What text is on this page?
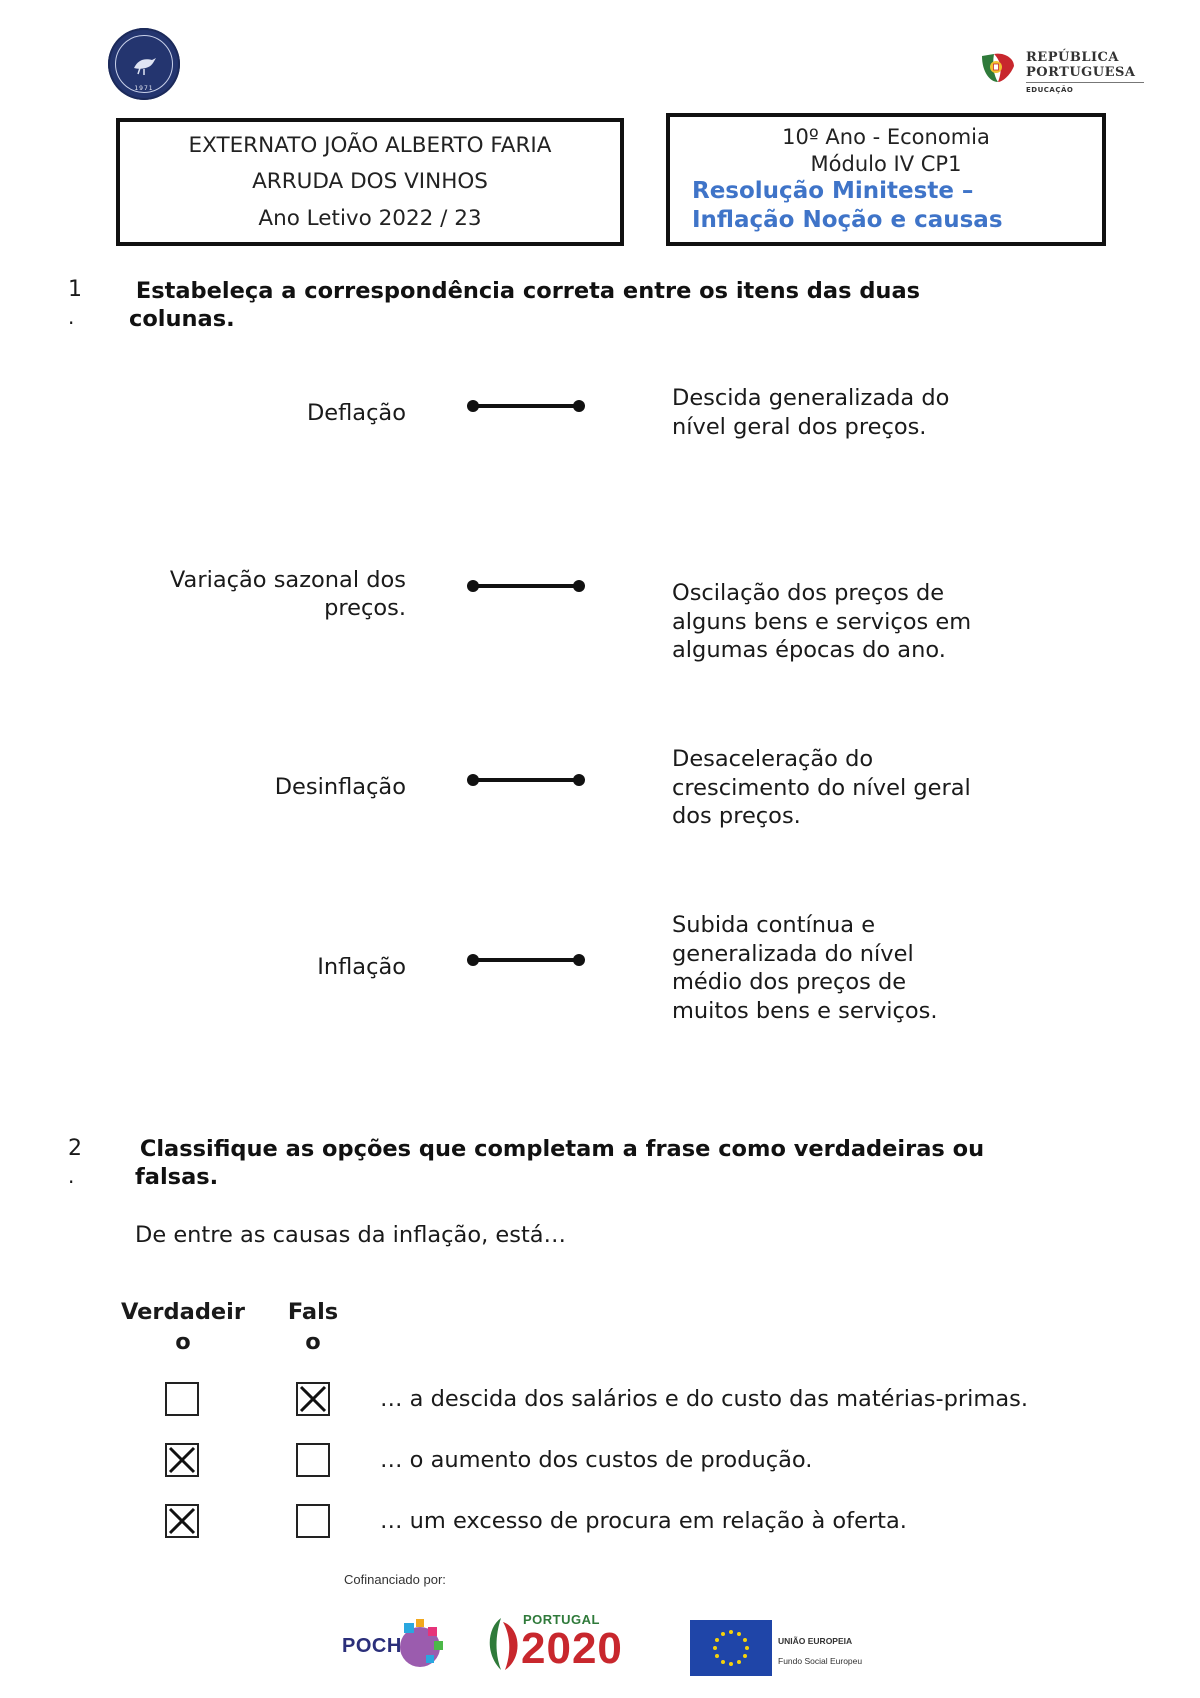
1971
REPÚBLICA
PORTUGUESA
EDUCAÇÃO
EXTERNATO JOÃO ALBERTO FARIA
ARRUDA DOS VINHOS
Ano Letivo 2022 / 23
10º Ano - Economia
Módulo IV CP1
Resolução Miniteste –
Inflação Noção e causas
1
.
Estabeleça a correspondência correta entre os itens das duas
colunas.
Deflação
Descida generalizada do
nível geral dos preços.
Variação sazonal dos
preços.
Oscilação dos preços de
alguns bens e serviços em
algumas épocas do ano.
Desinflação
Desaceleração do
crescimento do nível geral
dos preços.
Inflação
Subida contínua e
generalizada do nível
médio dos preços de
muitos bens e serviços.
2
.
Classifique as opções que completam a frase como verdadeiras ou
falsas.
De entre as causas da inflação, está…
Verdadeir
o
Fals
o
… a descida dos salários e do custo das matérias-primas.
… o aumento dos custos de produção.
… um excesso de procura em relação à oferta.
Cofinanciado por:
POCH
PORTUGAL
2020	UNIÃO EUROPEIA
Fundo Social Europeu
